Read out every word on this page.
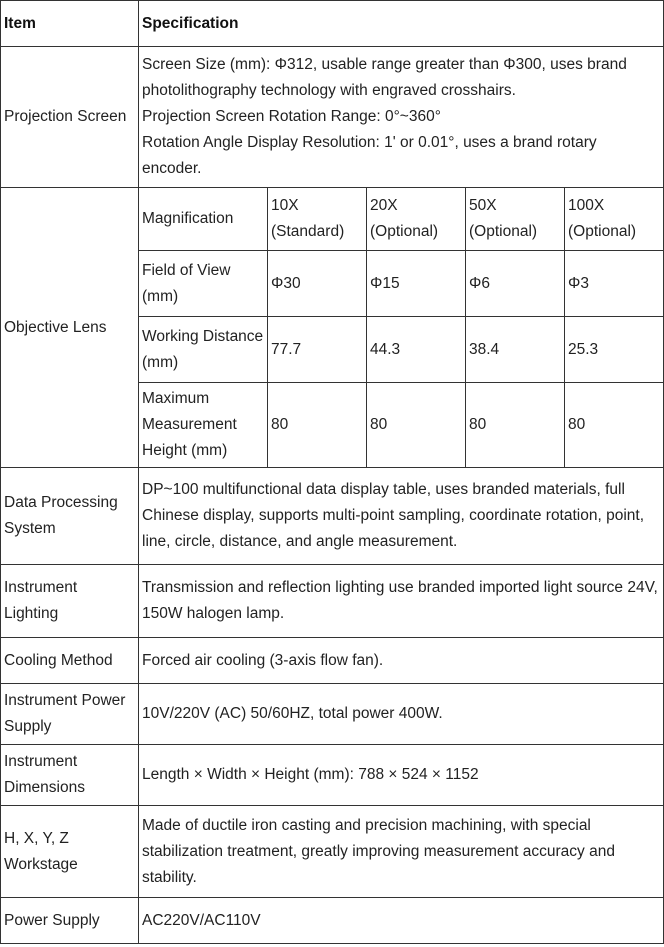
Item	Specification				
Projection Screen	Screen Size (mm): Φ312, usable range greater than Φ300, uses brand photolithography technology with engraved crosshairs.
Projection Screen Rotation Range: 0°~360°
Rotation Angle Display Resolution: 1' or 0.01°, uses a brand rotary encoder.				

Objective Lens	Magnification	10X (Standard)	20X (Optional)	50X (Optional)	100X (Optional)
	Field of View (mm)	Φ30	Φ15	Φ6	Φ3
	Working Distance (mm)	77.7	44.3	38.4	25.3
	Maximum Measurement Height (mm)	80	80	80	80
Data Processing System	DP~100 multifunctional data display table, uses branded materials, full Chinese display, supports multi-point sampling, coordinate rotation, point, line, circle, distance, and angle measurement.				
Instrument Lighting	Transmission and reflection lighting use branded imported light source 24V, 150W halogen lamp.				
Cooling Method	Forced air cooling (3-axis flow fan).				
Instrument Power Supply	10V/220V (AC) 50/60HZ, total power 400W.				
Instrument Dimensions	Length × Width × Height (mm): 788 × 524 × 1152				
H, X, Y, Z Workstage	Made of ductile iron casting and precision machining, with special stabilization treatment, greatly improving measurement accuracy and stability.				
Power Supply	AC220V/AC110V				
